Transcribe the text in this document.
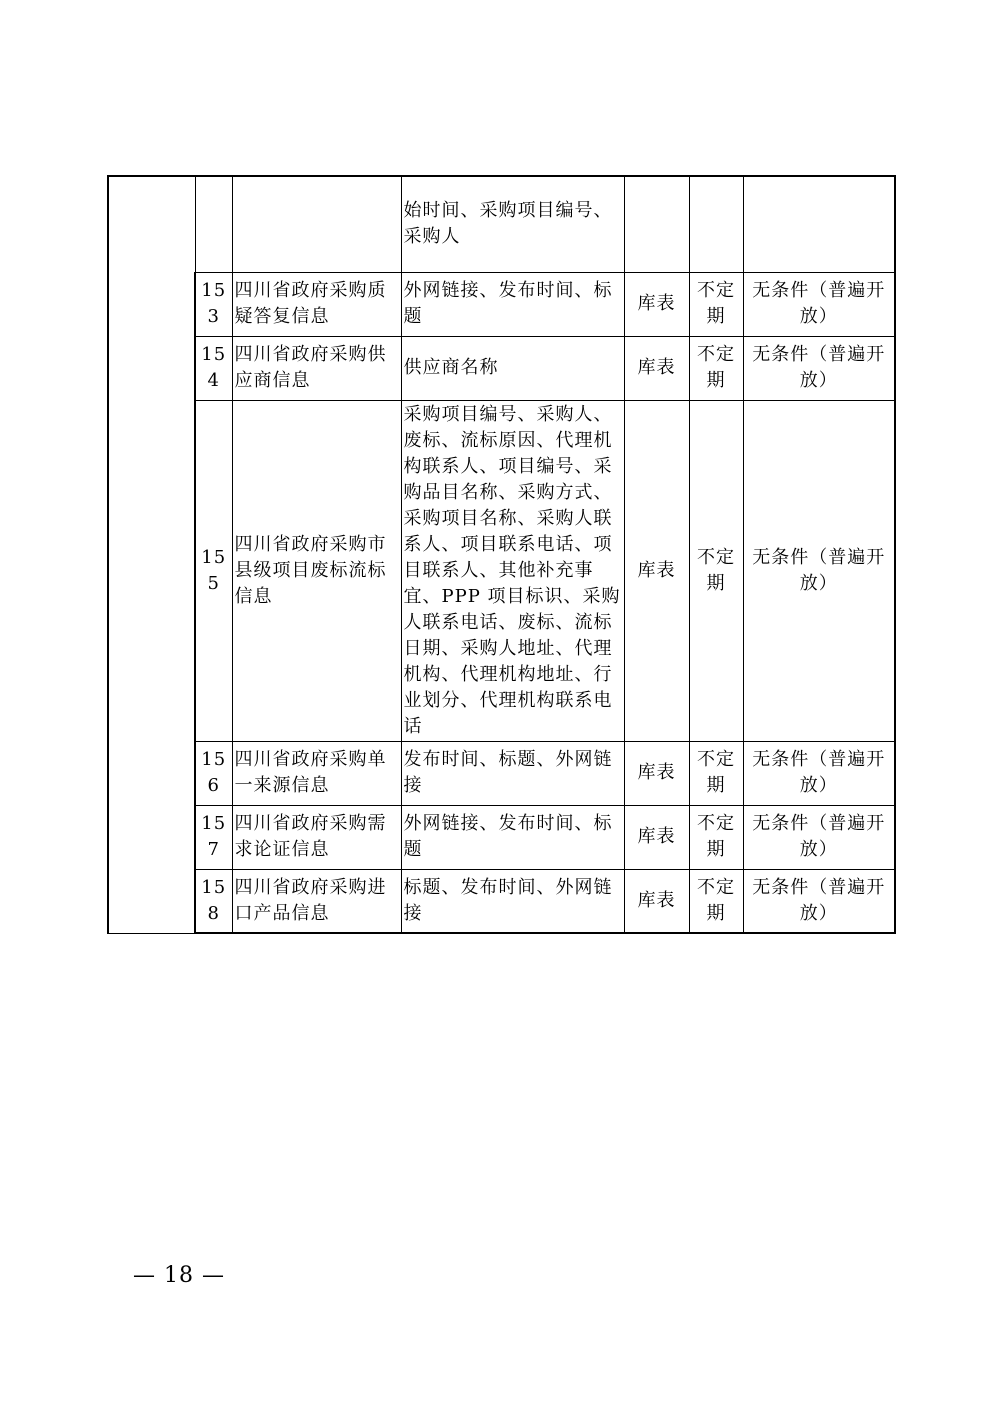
			始时间、采购项目编号、采购人			
	153	四川省政府采购质疑答复信息	外网链接、发布时间、标题	库表	不定期	无条件（普遍开放）
	154	四川省政府采购供应商信息	供应商名称	库表	不定期	无条件（普遍开放）
	155	四川省政府采购市县级项目废标流标信息	采购项目编号、采购人、废标、流标原因、代理机构联系人、项目编号、采购品目名称、采购方式、采购项目名称、采购人联系人、项目联系电话、项目联系人、其他补充事宜、PPP 项目标识、采购人联系电话、废标、流标日期、采购人地址、代理机构、代理机构地址、行业划分、代理机构联系电话	库表	不定期	无条件（普遍开放）
	156	四川省政府采购单一来源信息	发布时间、标题、外网链接	库表	不定期	无条件（普遍开放）
	157	四川省政府采购需求论证信息	外网链接、发布时间、标题	库表	不定期	无条件（普遍开放）
	158	四川省政府采购进口产品信息	标题、发布时间、外网链接	库表	不定期	无条件（普遍开放）
— 18 —
